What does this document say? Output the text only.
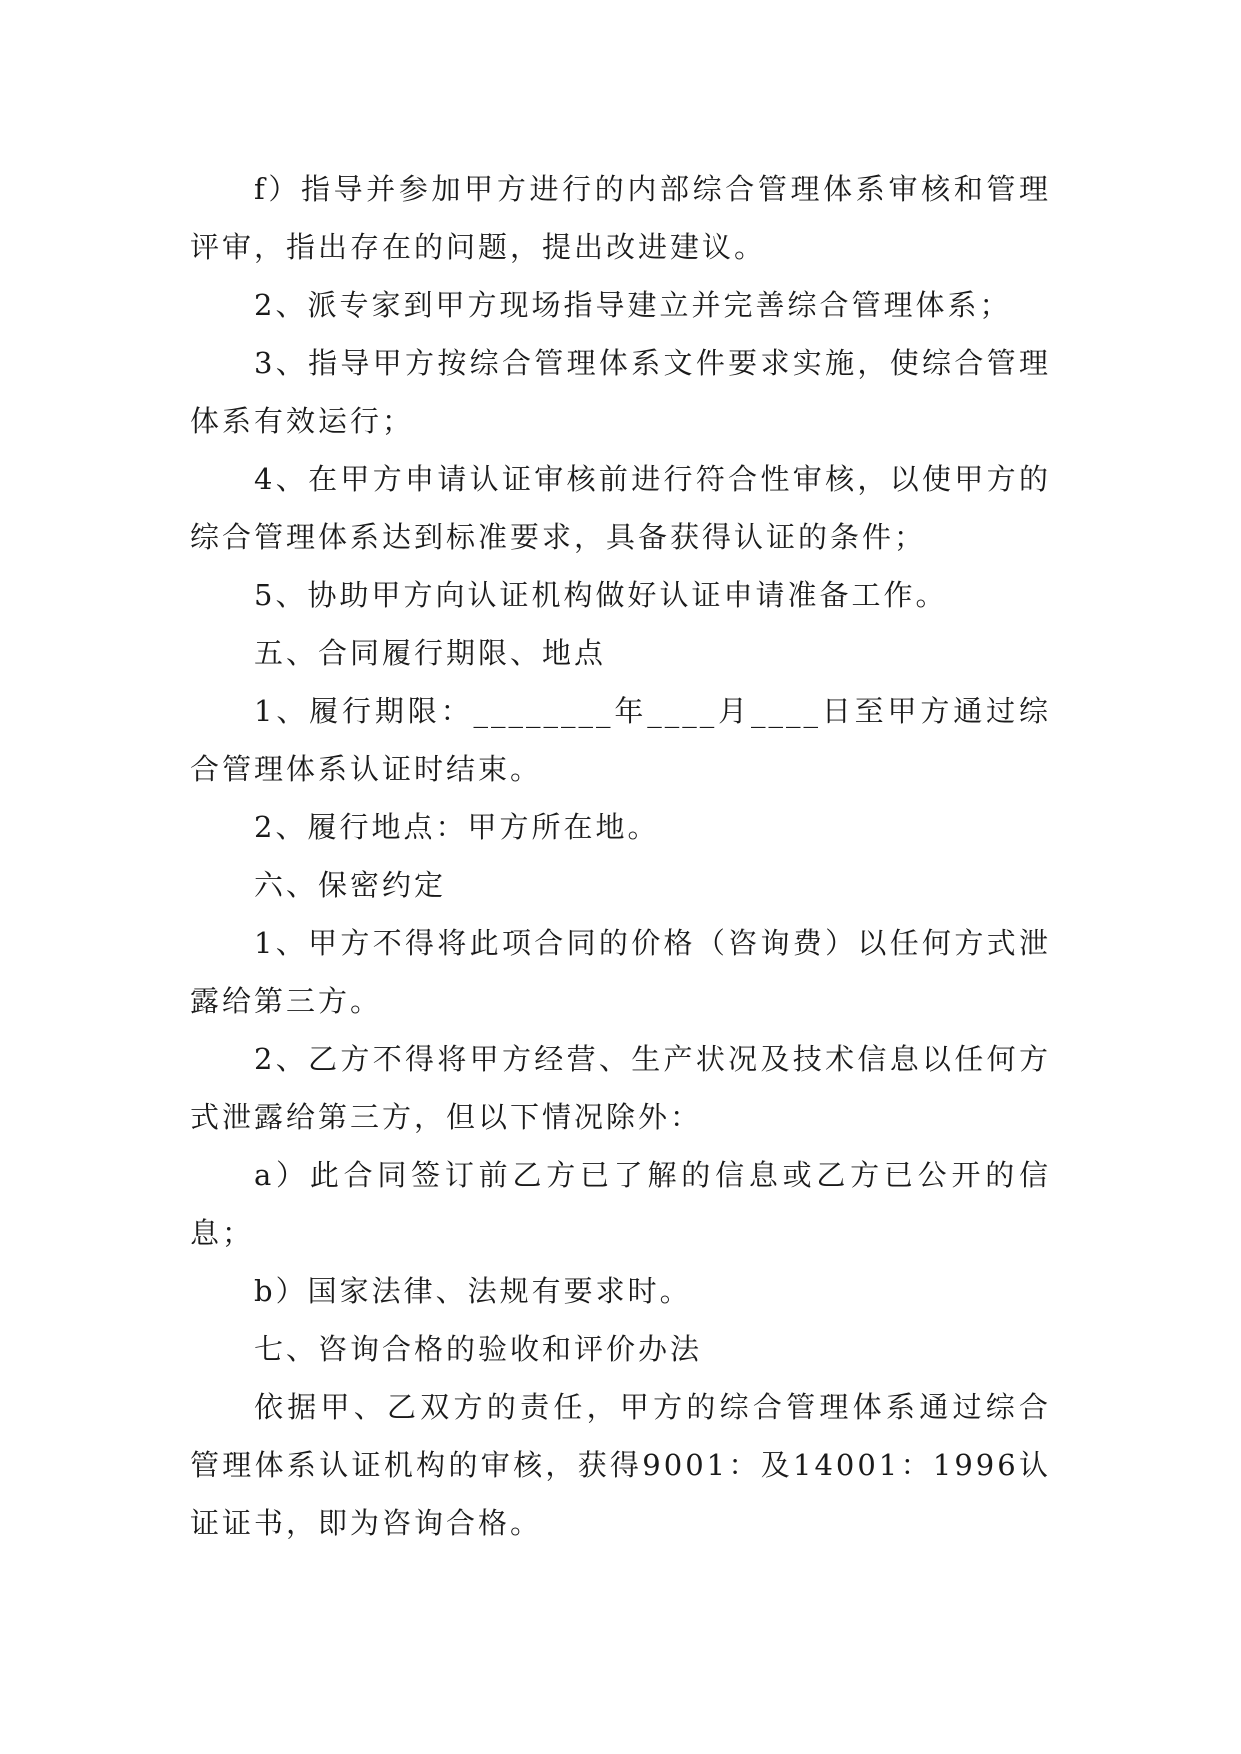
f）指导并参加甲方进行的内部综合管理体系审核和管理评审，指出存在的问题，提出改进建议。

2、派专家到甲方现场指导建立并完善综合管理体系；

3、指导甲方按综合管理体系文件要求实施，使综合管理体系有效运行；

4、在甲方申请认证审核前进行符合性审核，以使甲方的综合管理体系达到标准要求，具备获得认证的条件；

5、协助甲方向认证机构做好认证申请准备工作。

五、合同履行期限、地点

1、履行期限：________年____月____日至甲方通过综合管理体系认证时结束。

2、履行地点：甲方所在地。

六、保密约定

1、甲方不得将此项合同的价格（咨询费）以任何方式泄露给第三方。

2、乙方不得将甲方经营、生产状况及技术信息以任何方式泄露给第三方，但以下情况除外：

a）此合同签订前乙方已了解的信息或乙方已公开的信息；

b）国家法律、法规有要求时。

七、咨询合格的验收和评价办法

依据甲、乙双方的责任，甲方的综合管理体系通过综合管理体系认证机构的审核，获得9001：及14001：1996认证证书，即为咨询合格。
